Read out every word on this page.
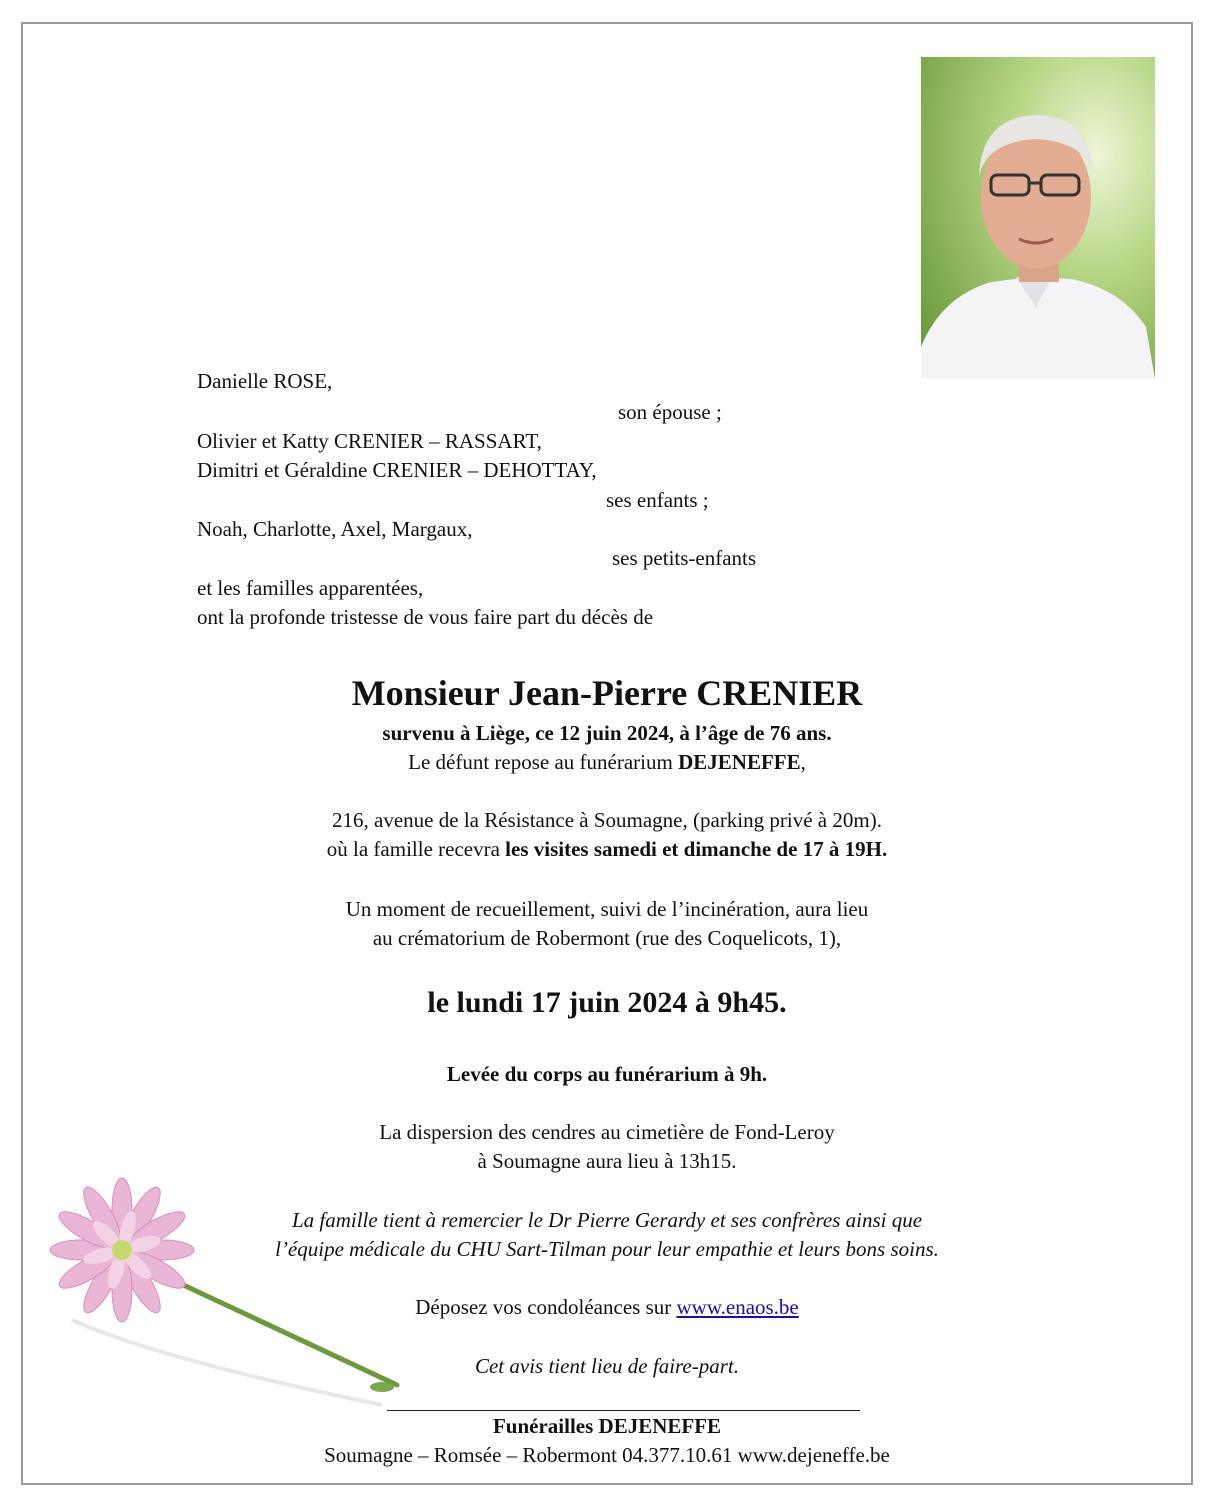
Danielle ROSE,
son épouse ;
Olivier et Katty CRENIER – RASSART,
Dimitri et Géraldine CRENIER – DEHOTTAY,
ses enfants ;
Noah, Charlotte, Axel, Margaux,
ses petits-enfants
et les familles apparentées,
ont la profonde tristesse de vous faire part du décès de
Monsieur Jean-Pierre CRENIER
survenu à Liège, ce 12 juin 2024, à l’âge de 76 ans.
Le défunt repose au funérarium DEJENEFFE,
216, avenue de la Résistance à Soumagne, (parking privé à 20m).
où la famille recevra les visites samedi et dimanche de 17 à 19H.
Un moment de recueillement, suivi de l’incinération, aura lieu
au crématorium de Robermont (rue des Coquelicots, 1),
le lundi 17 juin 2024 à 9h45.
Levée du corps au funérarium à 9h.
La dispersion des cendres au cimetière de Fond-Leroy
à Soumagne aura lieu à 13h15.
La famille tient à remercier le Dr Pierre Gerardy et ses confrères ainsi que
l’équipe médicale du CHU Sart-Tilman pour leur empathie et leurs bons soins.
Déposez vos condoléances sur www.enaos.be
Cet avis tient lieu de faire-part.
Funérailles DEJENEFFE
Soumagne – Romsée – Robermont 04.377.10.61 www.dejeneffe.be
